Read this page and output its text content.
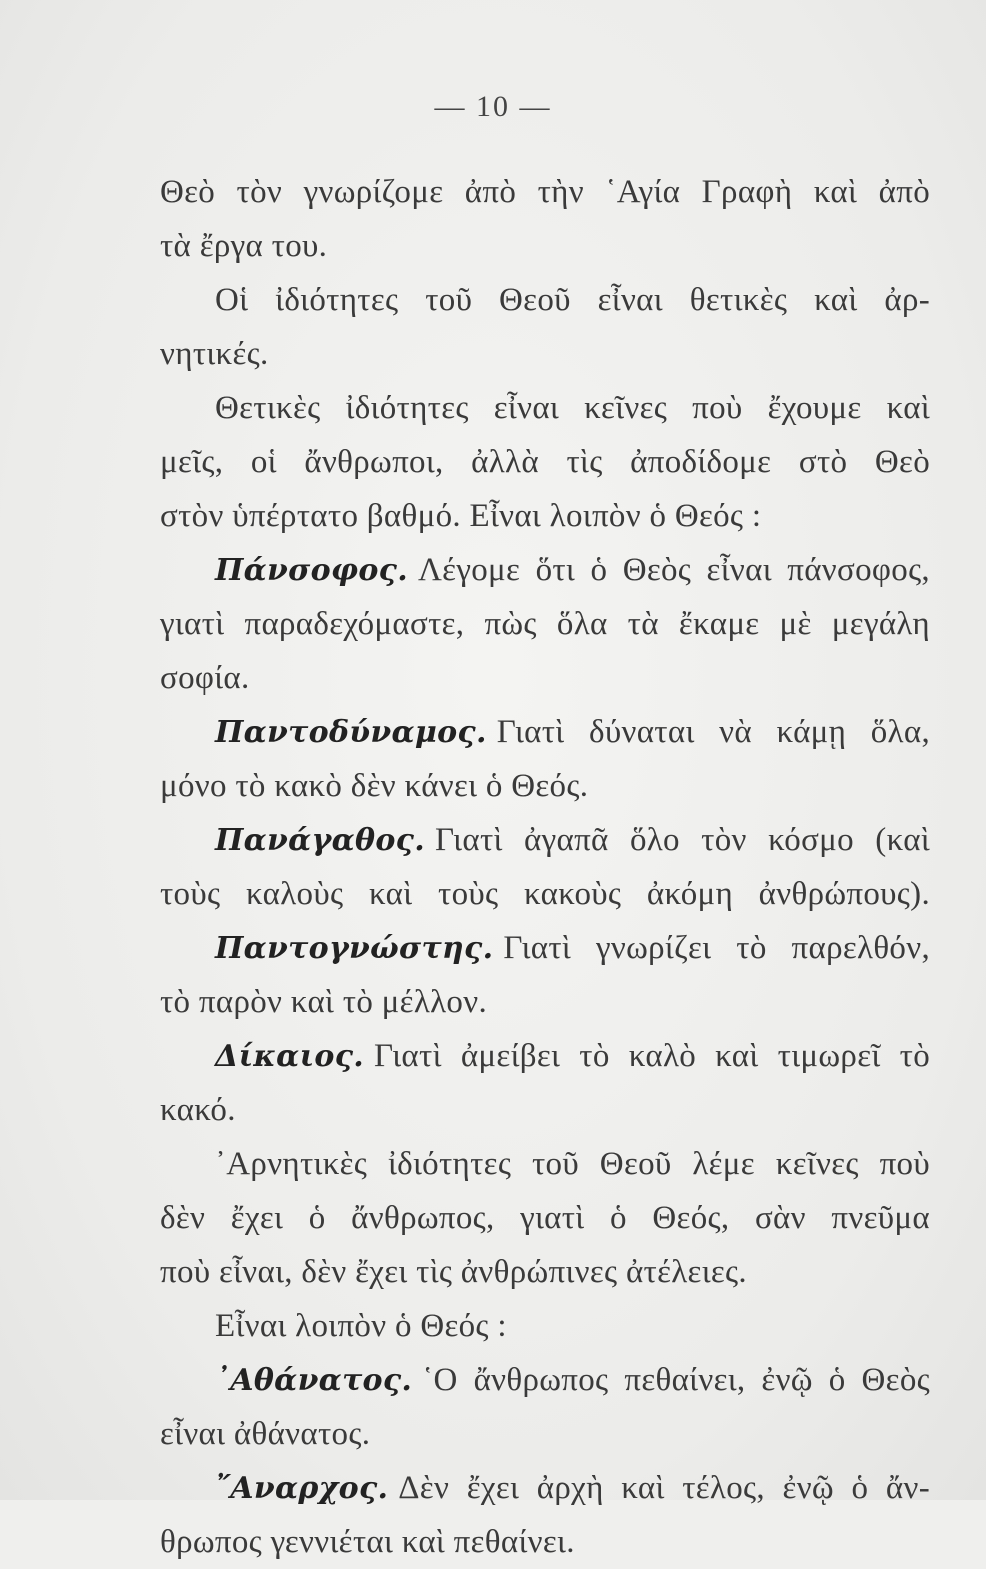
— 10 —
Θεὸ τὸν γνωρίζομε ἀπὸ τὴν ῾Αγία Γραφὴ καὶ ἀπὸ
τὰ ἔργα του.
Οἱ ἰδιότητες τοῦ Θεοῦ εἶναι θετικὲς καὶ ἀρ-
νητικές.
Θετικὲς ἰδιότητες εἶναι κεῖνες ποὺ ἔχουμε καὶ
μεῖς, οἱ ἄνθρωποι, ἀλλὰ τὶς ἀποδίδομε στὸ Θεὸ
στὸν ὑπέρτατο βαθμό. Εἶναι λοιπὸν ὁ Θεός :
Πάνσοφος. Λέγομε ὅτι ὁ Θεὸς εἶναι πάνσοφος,
γιατὶ παραδεχόμαστε, πὼς ὅλα τὰ ἔκαμε μὲ μεγάλη
σοφία.
Παντοδύναμος. Γιατὶ δύναται νὰ κάμῃ ὅλα,
μόνο τὸ κακὸ δὲν κάνει ὁ Θεός.
Πανάγαθος. Γιατὶ ἀγαπᾶ ὅλο τὸν κόσμο (καὶ
τοὺς καλοὺς καὶ τοὺς κακοὺς ἀκόμη ἀνθρώπους).
Παντογνώστης. Γιατὶ γνωρίζει τὸ παρελθόν,
τὸ παρὸν καὶ τὸ μέλλον.
Δίκαιος. Γιατὶ ἀμείβει τὸ καλὸ καὶ τιμωρεῖ τὸ
κακό.
᾿Αρνητικὲς ἰδιότητες τοῦ Θεοῦ λέμε κεῖνες ποὺ
δὲν ἔχει ὁ ἄνθρωπος, γιατὶ ὁ Θεός, σὰν πνεῦμα
ποὺ εἶναι, δὲν ἔχει τὶς ἀνθρώπινες ἀτέλειες.
Εἶναι λοιπὸν ὁ Θεός :
᾿Αθάνατος. ῾Ο ἄνθρωπος πεθαίνει, ἐνῷ ὁ Θεὸς
εἶναι ἀθάνατος.
῎Αναρχος. Δὲν ἔχει ἀρχὴ καὶ τέλος, ἐνῷ ὁ ἄν-
θρωπος γεννιέται καὶ πεθαίνει.
